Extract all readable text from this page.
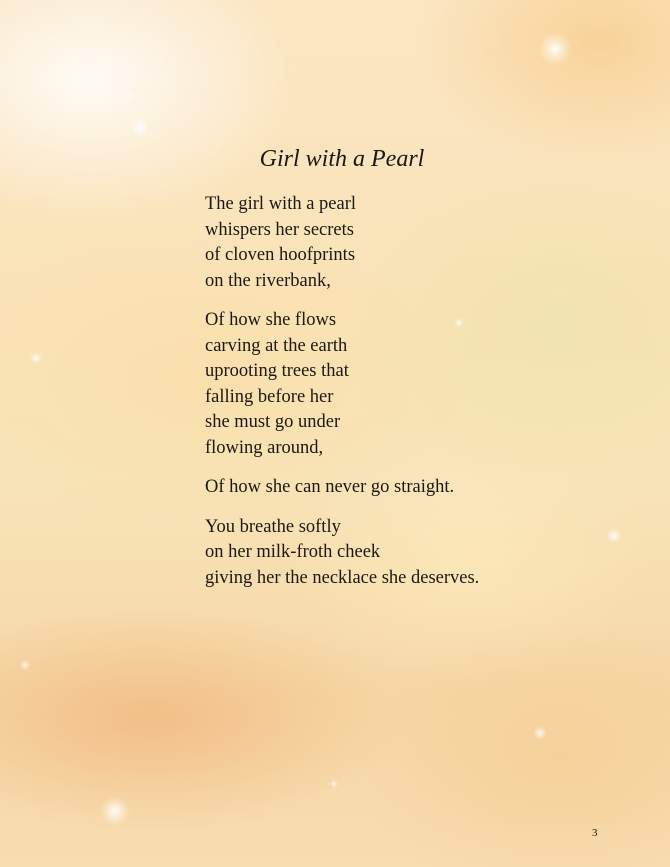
Girl with a Pearl

The girl with a pearl
whispers her secrets
of cloven hoofprints
on the riverbank,

Of how she flows
carving at the earth
uprooting trees that
falling before her
she must go under
flowing around,

Of how she can never go straight.

You breathe softly
on her milk-froth cheek
giving her the necklace she deserves.

3
